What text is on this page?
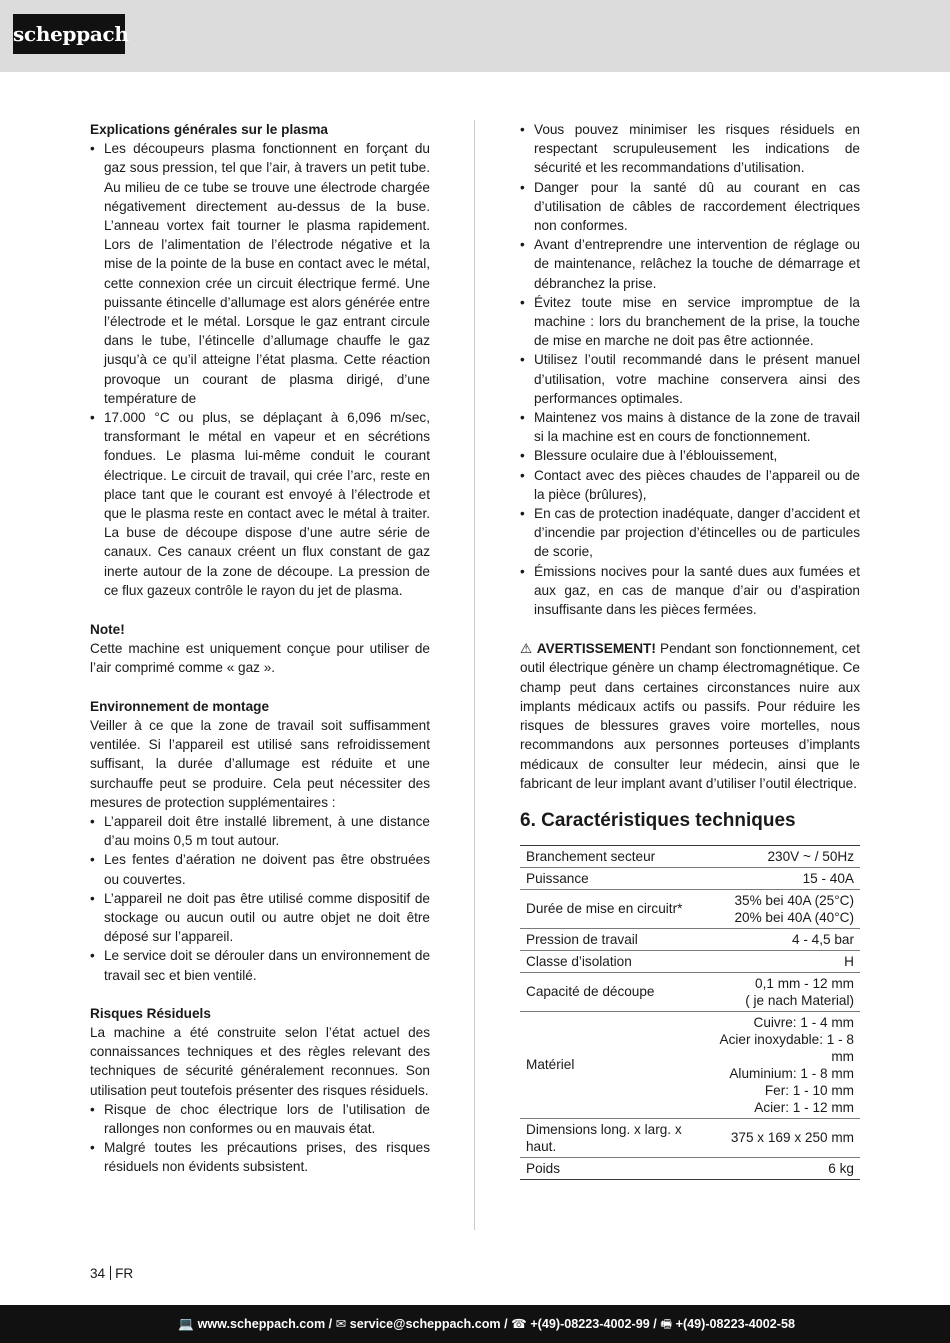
scheppach
Explications générales sur le plasma
• Les découpeurs plasma fonctionnent en forçant du gaz sous pression, tel que l’air, à travers un petit tube. Au milieu de ce tube se trouve une électrode chargée négativement directement au-dessus de la buse. L’anneau vortex fait tourner le plasma rapidement. Lors de l’alimentation de l’électrode négative et la mise de la pointe de la buse en contact avec le métal, cette connexion crée un circuit électrique fermé. Une puissante étincelle d’allumage est alors générée entre l’électrode et le métal. Lorsque le gaz entrant circule dans le tube, l’étincelle d’allumage chauffe le gaz jusqu’à ce qu’il atteigne l’état plasma. Cette réaction provoque un courant de plasma dirigé, d’une température de
• 17.000 °C ou plus, se déplaçant à 6,096 m/sec, transformant le métal en vapeur et en sécrétions fondues. Le plasma lui-même conduit le courant électrique. Le circuit de travail, qui crée l’arc, reste en place tant que le courant est envoyé à l’électrode et que le plasma reste en contact avec le métal à traiter. La buse de découpe dispose d’une autre série de canaux. Ces canaux créent un flux constant de gaz inerte autour de la zone de découpe. La pression de ce flux gazeux contrôle le rayon du jet de plasma.
Note!

Cette machine est uniquement conçue pour utiliser de l’air comprimé comme « gaz ».

Environnement de montage

Veiller à ce que la zone de travail soit suffisamment ventilée. Si l’appareil est utilisé sans refroidissement suffisant, la durée d’allumage est réduite et une surchauffe peut se produire. Cela peut nécessiter des mesures de protection supplémentaires :

• L’appareil doit être installé librement, à une distance d’au moins 0,5 m tout autour.
• Les fentes d’aération ne doivent pas être obstruées ou couvertes.
• L’appareil ne doit pas être utilisé comme dispositif de stockage ou aucun outil ou autre objet ne doit être déposé sur l’appareil.
• Le service doit se dérouler dans un environnement de travail sec et bien ventilé.
Risques Résiduels

La machine a été construite selon l’état actuel des connaissances techniques et des règles relevant des techniques de sécurité généralement reconnues. Son utilisation peut toutefois présenter des risques résiduels.

• Risque de choc électrique lors de l’utilisation de rallonges non conformes ou en mauvais état.
• Malgré toutes les précautions prises, des risques résiduels non évidents subsistent.
• Vous pouvez minimiser les risques résiduels en respectant scrupuleusement les indications de sécurité et les recommandations d’utilisation.
• Danger pour la santé dû au courant en cas d’utilisation de câbles de raccordement électriques non conformes.
• Avant d’entreprendre une intervention de réglage ou de maintenance, relâchez la touche de démarrage et débranchez la prise.
• Évitez toute mise en service impromptue de la machine : lors du branchement de la prise, la touche de mise en marche ne doit pas être actionnée.
• Utilisez l’outil recommandé dans le présent manuel d’utilisation, votre machine conservera ainsi des performances optimales.
• Maintenez vos mains à distance de la zone de travail si la machine est en cours de fonctionnement.
• Blessure oculaire due à l’éblouissement,
• Contact avec des pièces chaudes de l’appareil ou de la pièce (brûlures),
• En cas de protection inadéquate, danger d’accident et d’incendie par projection d’étincelles ou de particules de scorie,
• Émissions nocives pour la santé dues aux fumées et aux gaz, en cas de manque d’air ou d’aspiration insuffisante dans les pièces fermées.

⚠ AVERTISSEMENT! Pendant son fonctionnement, cet outil électrique génère un champ électromagnétique. Ce champ peut dans certaines circonstances nuire aux implants médicaux actifs ou passifs. Pour réduire les risques de blessures graves voire mortelles, nous recommandons aux personnes porteuses d’implants médicaux de consulter leur médecin, ainsi que le fabricant de leur implant avant d’utiliser l’outil électrique.

6. Caractéristiques techniques
Branchement secteur	230V ~ / 50Hz
Puissance	15 - 40A
Durée de mise en circuitr*	35% bei 40A (25°C)
20% bei 40A (40°C)
Pression de travail	4 - 4,5 bar
Classe d’isolation	H
Capacité de découpe	0,1 mm - 12 mm
( je nach Material)
Matériel	Cuivre: 1 - 4 mm
Acier inoxydable: 1 - 8 mm
Aluminium: 1 - 8 mm
Fer: 1 - 10 mm
Acier: 1 - 12 mm
Dimensions long. x larg. x haut.	375 x 169 x 250 mm
Poids	6 kg
34 FR
💻 www.scheppach.com / ✉ service@scheppach.com / ☎ +(49)-08223-4002-99 / 🖷 +(49)-08223-4002-58
